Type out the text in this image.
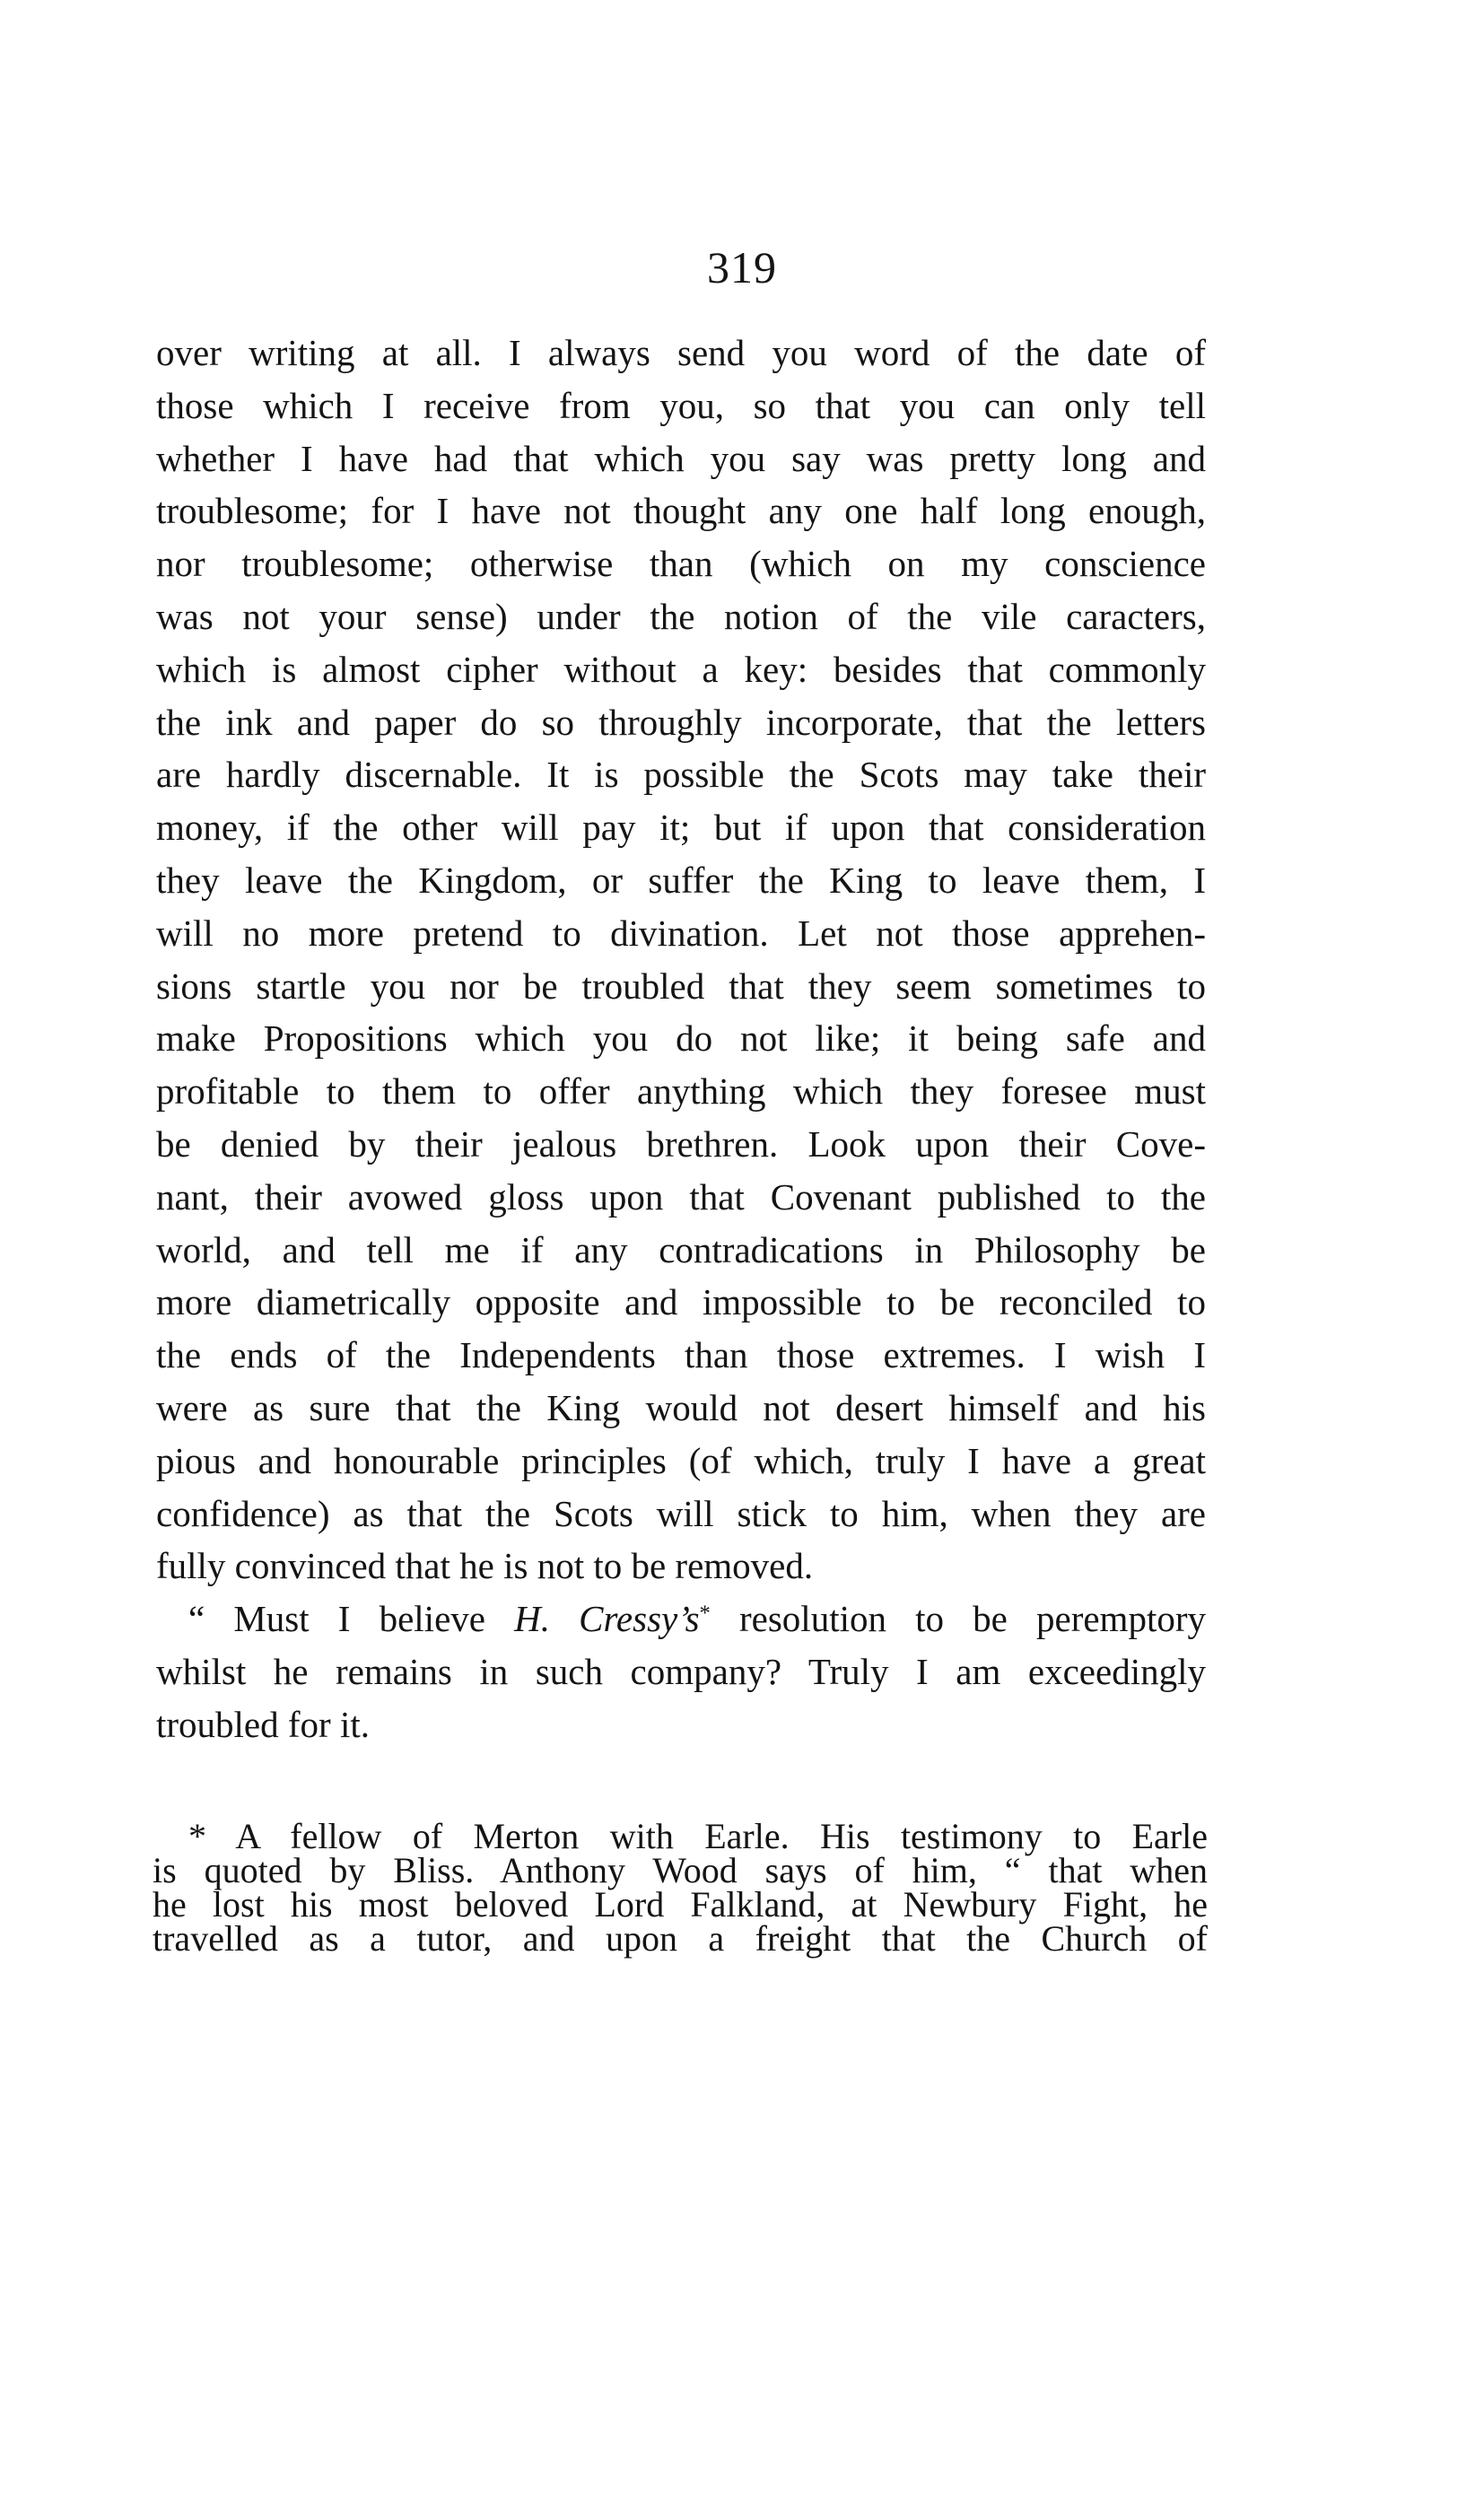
319
over writing at all. I always send you word of the date of
those which I receive from you, so that you can only tell
whether I have had that which you say was pretty long and
troublesome; for I have not thought any one half long enough,
nor troublesome; otherwise than (which on my conscience
was not your sense) under the notion of the vile caracters,
which is almost cipher without a key: besides that commonly
the ink and paper do so throughly incorporate, that the letters
are hardly discernable. It is possible the Scots may take their
money, if the other will pay it; but if upon that consideration
they leave the Kingdom, or suffer the King to leave them, I
will no more pretend to divination. Let not those apprehen-
sions startle you nor be troubled that they seem sometimes to
make Propositions which you do not like; it being safe and
profitable to them to offer anything which they foresee must
be denied by their jealous brethren. Look upon their Cove-
nant, their avowed gloss upon that Covenant published to the
world, and tell me if any contradications in Philosophy be
more diametrically opposite and impossible to be reconciled to
the ends of the Independents than those extremes. I wish I
were as sure that the King would not desert himself and his
pious and honourable principles (of which, truly I have a great
confidence) as that the Scots will stick to him, when they are
fully convinced that he is not to be removed.
“ Must I believe H. Cressy’s* resolution to be peremptory
whilst he remains in such company? Truly I am exceedingly
troubled for it.
* A fellow of Merton with Earle. His testimony to Earle
is quoted by Bliss. Anthony Wood says of him, “ that when
he lost his most beloved Lord Falkland, at Newbury Fight, he
travelled as a tutor, and upon a freight that the Church of
